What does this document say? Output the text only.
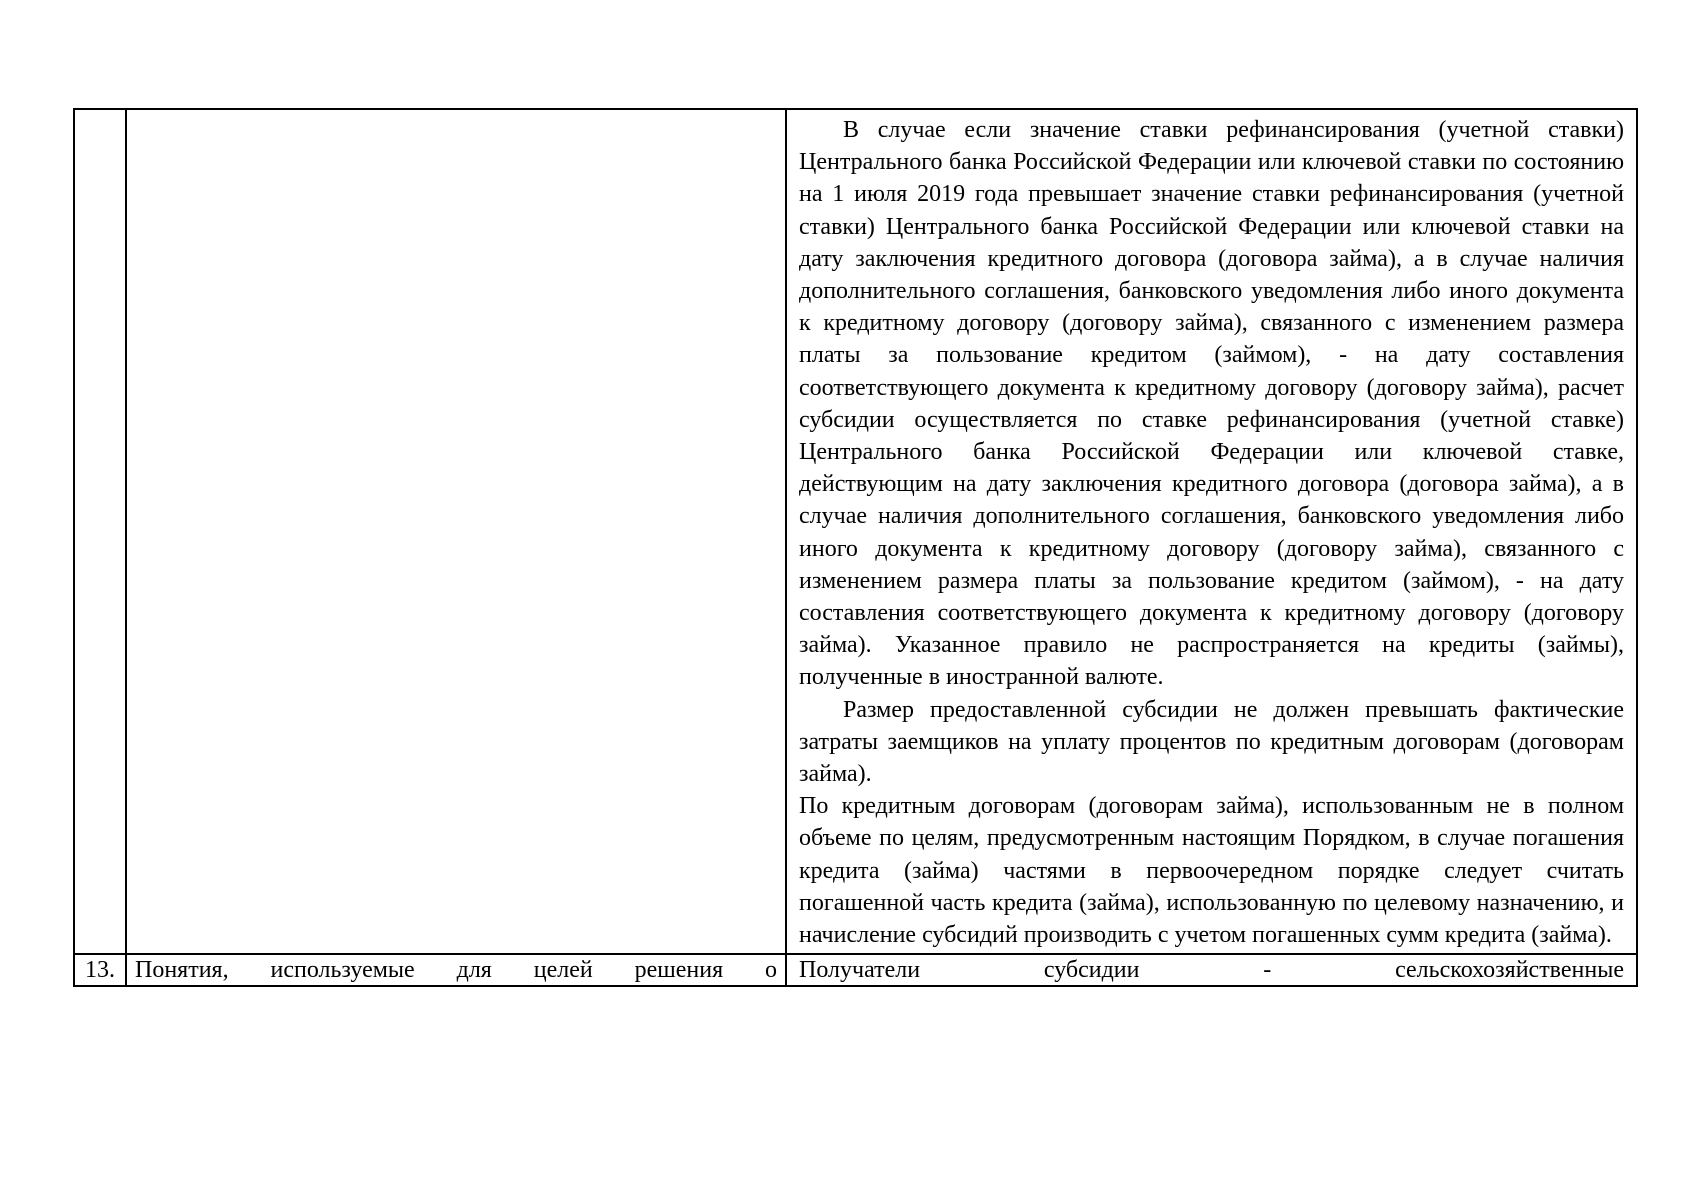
		В случае если значение ставки рефинансирования (учетной ставки) Центрального банка Российской Федерации или ключевой ставки по состоянию на 1 июля 2019 года превышает значение ставки рефинансирования (учетной ставки) Центрального банка Российской Федерации или ключевой ставки на дату заключения кредитного договора (договора займа), а в случае наличия дополнительного соглашения, банковского уведомления либо иного документа к кредитному договору (договору займа), связанного с изменением размера платы за пользование кредитом (займом), - на дату составления соответствующего документа к кредитному договору (договору займа), расчет субсидии осуществляется по ставке рефинансирования (учетной ставке) Центрального банка Российской Федерации или ключевой ставке, действующим на дату заключения кредитного договора (договора займа), а в случае наличия дополнительного соглашения, банковского уведомления либо иного документа к кредитному договору (договору займа), связанного с изменением размера платы за пользование кредитом (займом), - на дату составления соответствующего документа к кредитному договору (договору займа). Указанное правило не распространяется на кредиты (займы), полученные в иностранной валюте.

Размер предоставленной субсидии не должен превышать фактические затраты заемщиков на уплату процентов по кредитным договорам (договорам займа).

По кредитным договорам (договорам займа), использованным не в полном объеме по целям, предусмотренным настоящим Порядком, в случае погашения кредита (займа) частями в первоочередном порядке следует считать погашенной часть кредита (займа), использованную по целевому назначению, и начисление субсидий производить с учетом погашенных сумм кредита (займа).

13.	Понятия, используемые для целей решения о	Получатели субсидии - сельскохозяйственные
